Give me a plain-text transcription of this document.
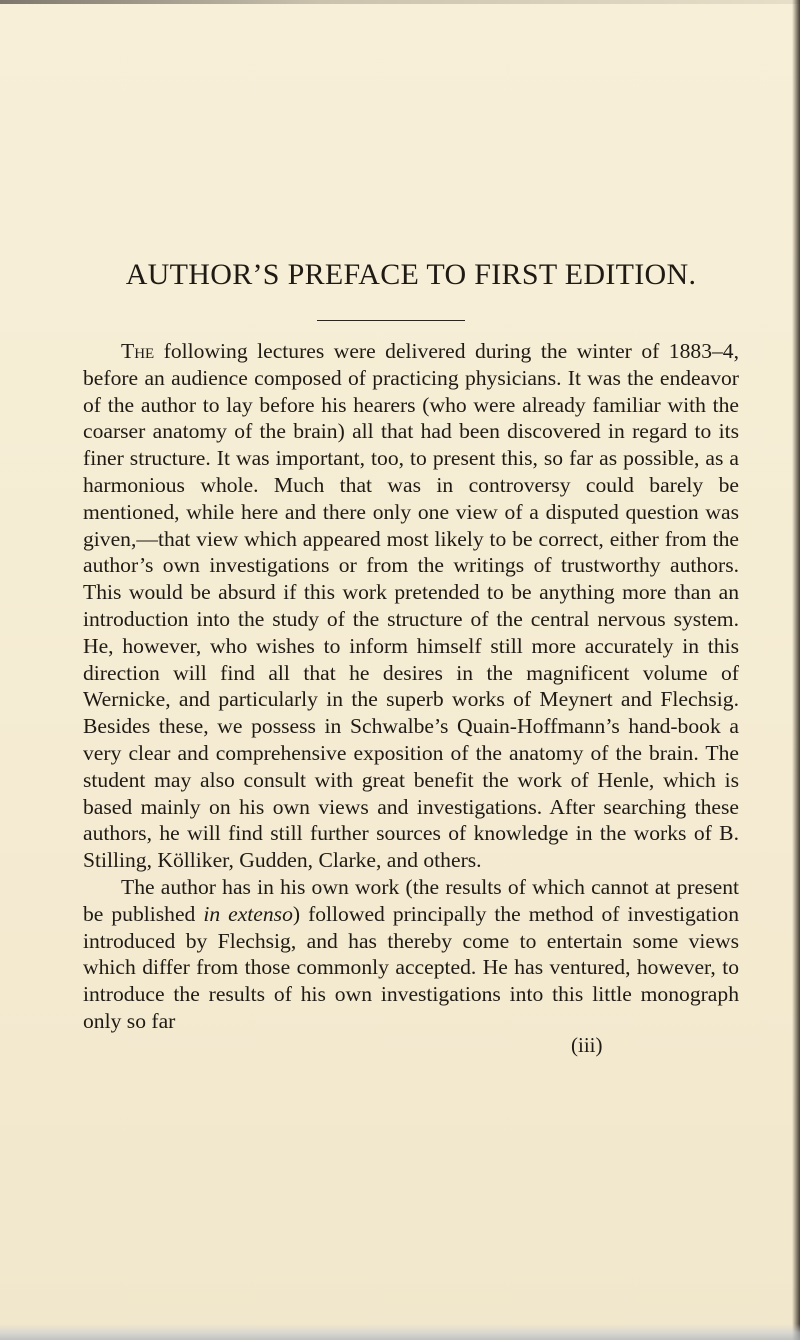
AUTHOR’S PREFACE TO FIRST EDITION.

The following lectures were delivered during the winter of 1883–4, before an audience composed of practicing physicians. It was the endeavor of the author to lay before his hearers (who were already familiar with the coarser anatomy of the brain) all that had been discovered in regard to its finer structure. It was important, too, to present this, so far as possible, as a harmonious whole. Much that was in controversy could barely be mentioned, while here and there only one view of a disputed question was given,—that view which appeared most likely to be correct, either from the author’s own investigations or from the writings of trustworthy authors. This would be absurd if this work pretended to be anything more than an introduction into the study of the structure of the central nervous system. He, however, who wishes to inform himself still more accurately in this direction will find all that he desires in the magnificent volume of Wernicke, and particularly in the superb works of Meynert and Flechsig. Besides these, we possess in Schwalbe’s Quain-Hoffmann’s hand-book a very clear and comprehensive exposition of the anatomy of the brain. The student may also consult with great benefit the work of Henle, which is based mainly on his own views and investigations. After searching these authors, he will find still further sources of knowledge in the works of B. Stilling, Kölliker, Gudden, Clarke, and others.

The author has in his own work (the results of which cannot at present be published in extenso) followed principally the method of investigation introduced by Flechsig, and has thereby come to entertain some views which differ from those commonly accepted. He has ventured, however, to introduce the results of his own investigations into this little monograph only so far

(iii)
